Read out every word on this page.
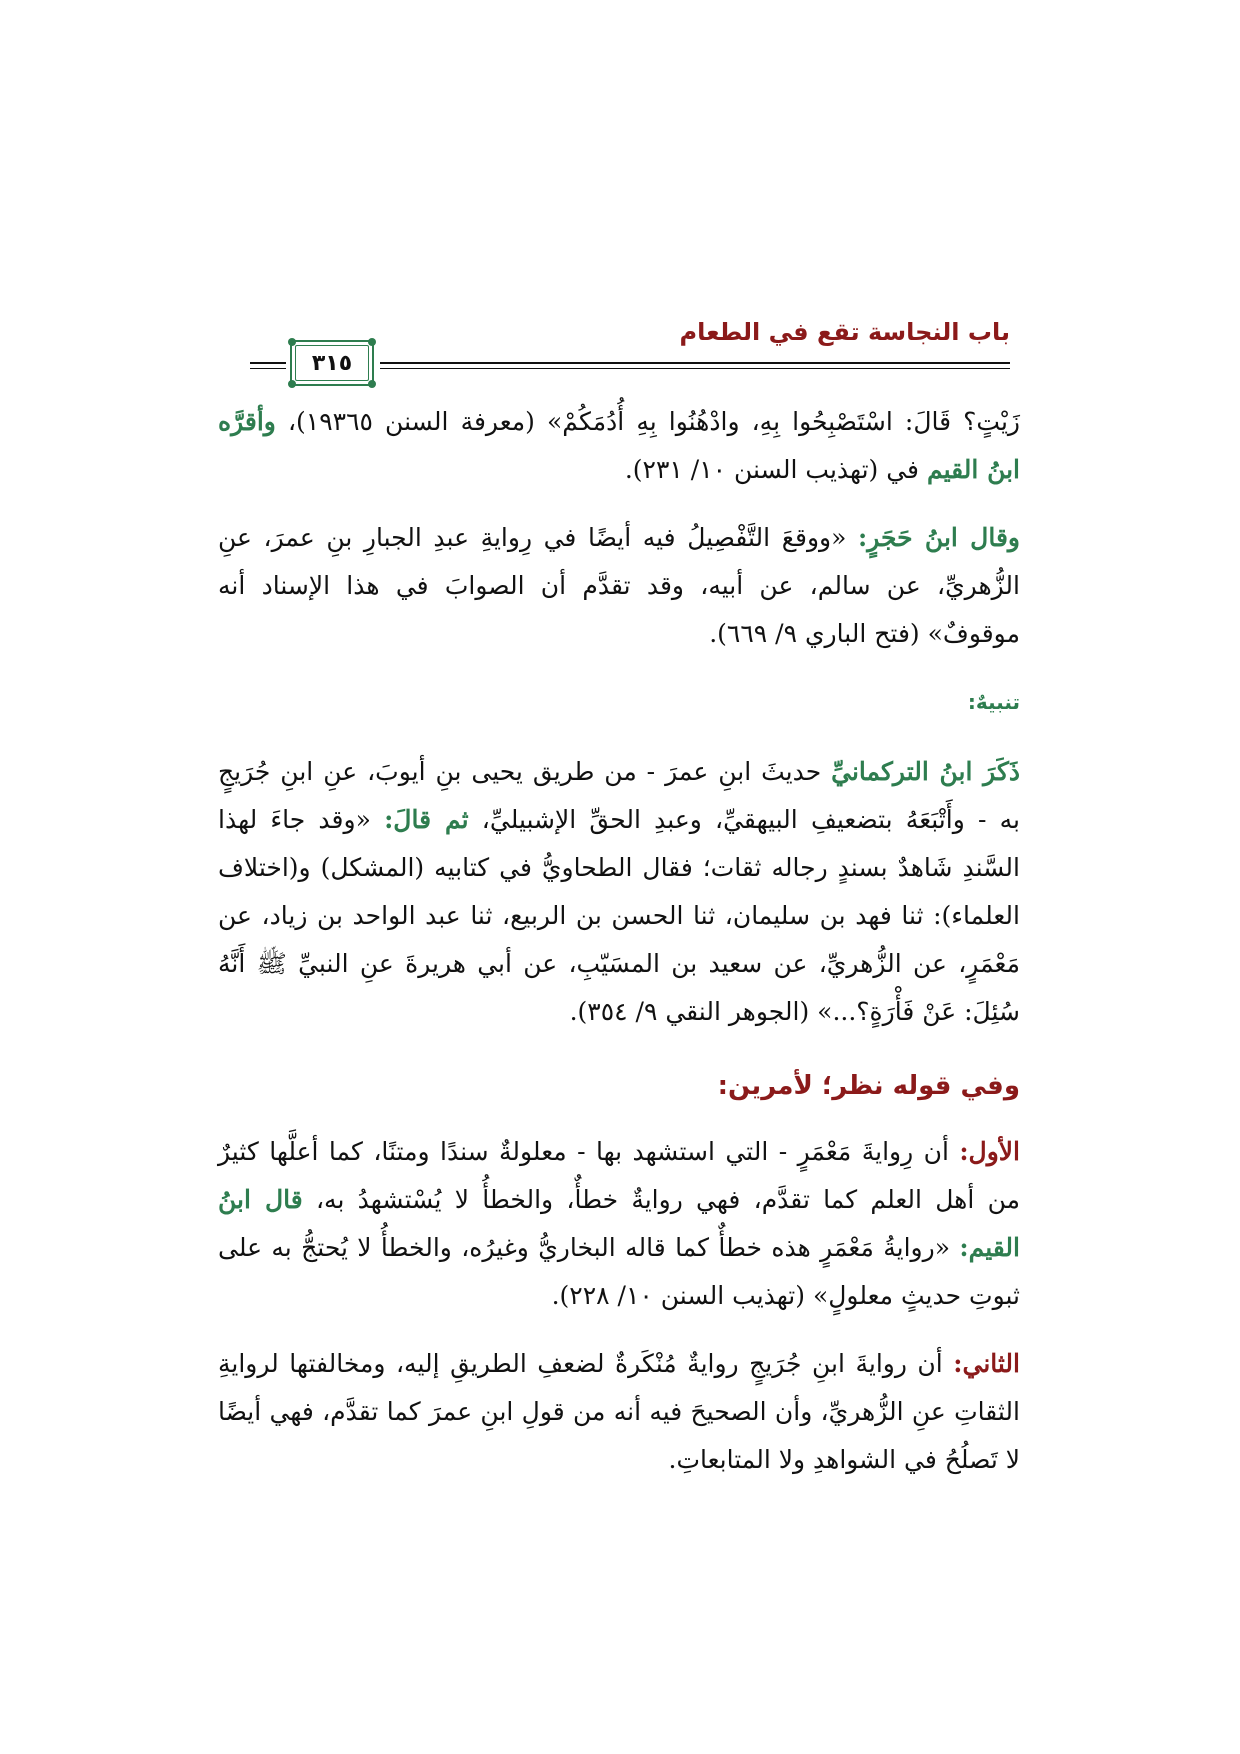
باب النجاسة تقع في الطعام
٣١٥

زَيْتٍ؟ قَالَ: اسْتَصْبِحُوا بِهِ، وادْهُنُوا بِهِ أُدُمَكُمْ» (معرفة السنن ١٩٣٦٥)، وأقرَّه ابنُ القيم في (تهذيب السنن ١٠/ ٢٣١).

وقال ابنُ حَجَرٍ: «ووقعَ التَّفْصِيلُ فيه أيضًا في رِوايةِ عبدِ الجبارِ بنِ عمرَ، عنِ الزُّهريِّ، عن سالم، عن أبيه، وقد تقدَّم أن الصوابَ في هذا الإسناد أنه موقوفٌ» (فتح الباري ٩/ ٦٦٩).

تنبيهٌ:

ذَكَرَ ابنُ التركمانيِّ حديثَ ابنِ عمرَ - من طريق يحيى بنِ أيوبَ، عنِ ابنِ جُرَيجٍ به - وأَتْبَعَهُ بتضعيفِ البيهقيِّ، وعبدِ الحقِّ الإشبيليِّ، ثم قالَ: «وقد جاءَ لهذا السَّندِ شَاهدٌ بسندٍ رجاله ثقات؛ فقال الطحاويُّ في كتابيه (المشكل) و(اختلاف العلماء): ثنا فهد بن سليمان، ثنا الحسن بن الربيع، ثنا عبد الواحد بن زياد، عن مَعْمَرٍ، عن الزُّهريِّ، عن سعيد بن المسَيّبِ، عن أبي هريرةَ عنِ النبيِّ ﷺ أَنَّهُ سُئِلَ: عَنْ فَأْرَةٍ؟...» (الجوهر النقي ٩/ ٣٥٤).

وفي قوله نظر؛ لأمرين:

الأول: أن رِوايةَ مَعْمَرٍ - التي استشهد بها - معلولةٌ سندًا ومتنًا، كما أعلَّها كثيرٌ من أهل العلم كما تقدَّم، فهي روايةٌ خطأٌ، والخطأُ لا يُسْتشهدُ به، قال ابنُ القيم: «روايةُ مَعْمَرٍ هذه خطأٌ كما قاله البخاريُّ وغيرُه، والخطأُ لا يُحتجُّ به على ثبوتِ حديثٍ معلولٍ» (تهذيب السنن ١٠/ ٢٢٨).

الثاني: أن روايةَ ابنِ جُرَيجٍ روايةٌ مُنْكَرةٌ لضعفِ الطريقِ إليه، ومخالفتها لروايةِ الثقاتِ عنِ الزُّهريِّ، وأن الصحيحَ فيه أنه من قولِ ابنِ عمرَ كما تقدَّم، فهي أيضًا لا تَصلُحُ في الشواهدِ ولا المتابعاتِ.
